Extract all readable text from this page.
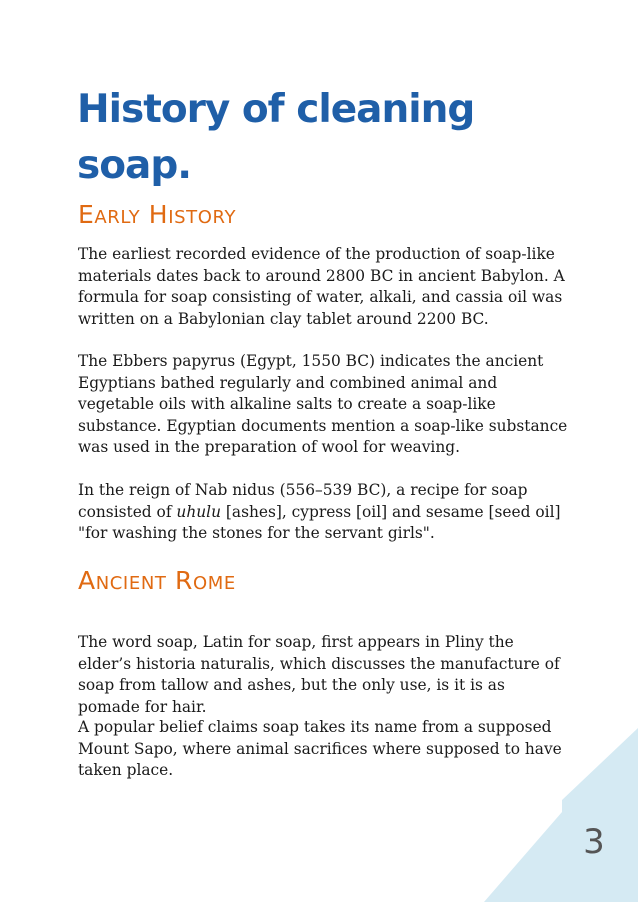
History of cleaning soap.
Early History

The earliest recorded evidence of the production of soap-like materials dates back to around 2800 BC in ancient Babylon. A formula for soap consisting of water, alkali, and cassia oil was written on a Babylonian clay tablet around 2200 BC.

The Ebbers papyrus (Egypt, 1550 BC) indicates the ancient Egyptians bathed regularly and combined animal and vegetable oils with alkaline salts to create a soap-like substance. Egyptian documents mention a soap-like substance was used in the preparation of wool for weaving.

In the reign of Nab nidus (556–539 BC), a recipe for soap consisted of uhulu [ashes], cypress [oil] and sesame [seed oil] "for washing the stones for the servant girls".

Ancient Rome

The word soap, Latin for soap, first appears in Pliny the elder’s historia naturalis, which discusses the manufacture of soap from tallow and ashes, but the only use, is it is as pomade for hair.

A popular belief claims soap takes its name from a supposed Mount Sapo, where animal sacrifices where supposed to have taken place.

3
